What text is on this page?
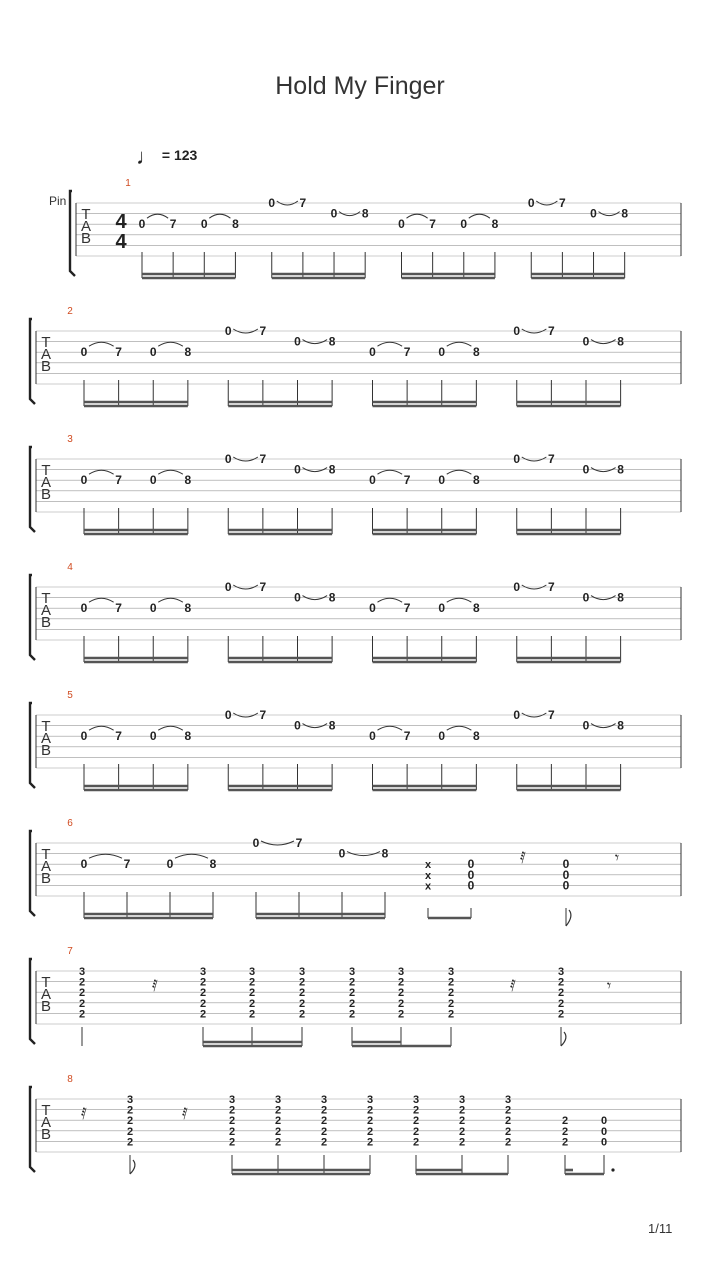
Hold My Finger
♩ = 123
Pin
1/11
T
A
B
1
4
4
0 7 0 8
0 7
0 8
0 7 0 8
0 7
0 8
T
A
B
2
0 7 0 8
0 7
0 8
0 7 0 8
0 7
0 8
T
A
B
3
0 7 0 8
0 7
0 8
0 7 0 8
0 7
0 8
T
A
B
4
0 7 0 8
0 7
0 8
0 7 0 8
0 7
0 8
T
A
B
5
0 7 0 8
0 7
0 8
0 7 0 8
0 7
0 8
T
A
B
6
0	7	0	8
0	7
0	8
x	0
x	0
x	0
𝅀	0
0
0
𝄾
T
A
B
7
3
2
2
2
2
𝅀
3
2
2
2
2
3
2
2
2
2
3
2
2
2
2
3
2
2
2
2
3
2
2
2
2
3
2
2
2
2
𝅀
3
2
2
2
2
𝄾
T
A
B
8
𝅀
3
2
2
2
2
𝅀
3
2
2
2
2
3
2
2
2
2
3
2
2
2
2
3
2
2
2
2
3
2
2
2
2
3
2
2
2
2
3
2
2
2
2
2
2
2
0
0
0
